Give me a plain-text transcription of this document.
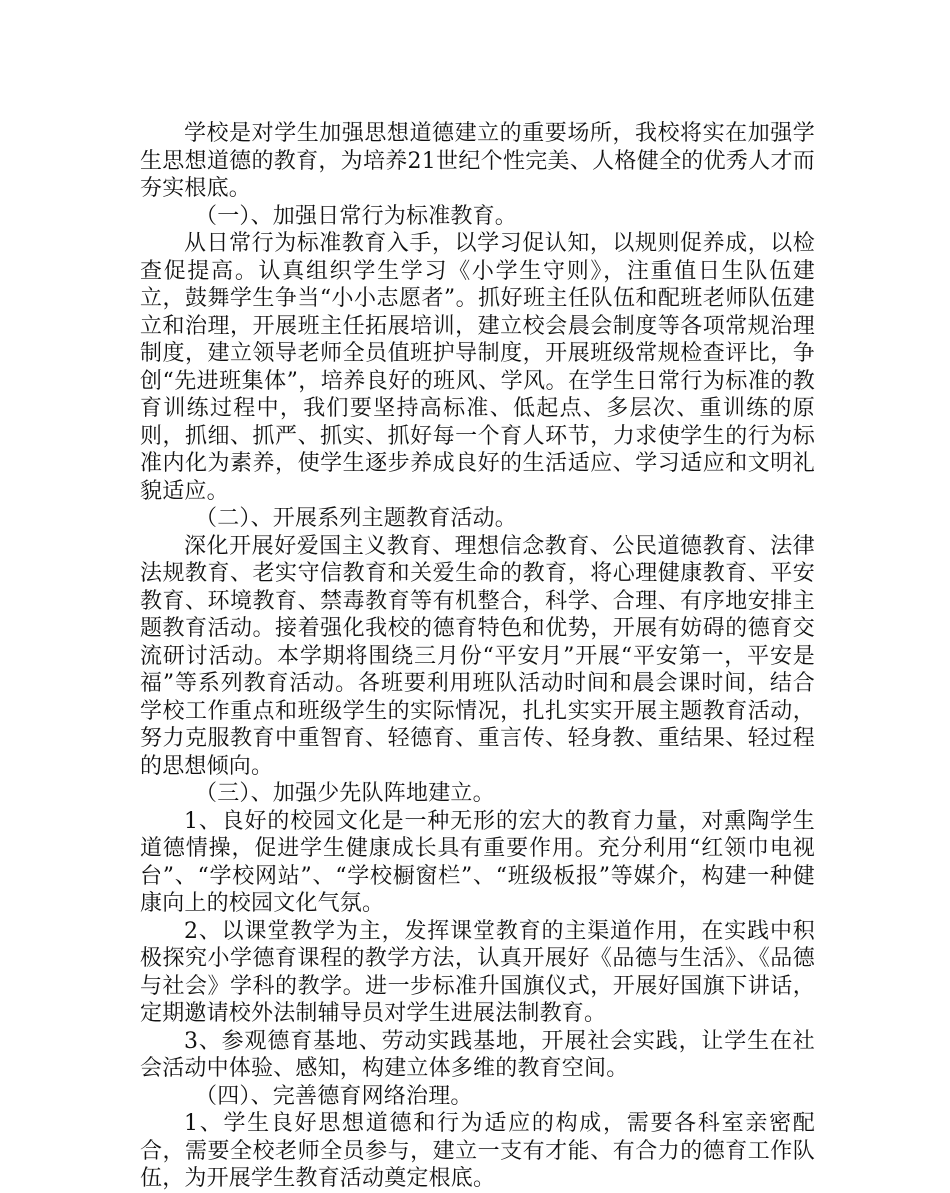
学校是对学生加强思想道德建立的重要场所，我校将实在加强学生思想道德的教育，为培养21世纪个性完美、人格健全的优秀人才而夯实根底。

（一）、加强日常行为标准教育。

从日常行为标准教育入手，以学习促认知，以规则促养成，以检查促提高。认真组织学生学习《小学生守则》，注重值日生队伍建立，鼓舞学生争当“小小志愿者”。抓好班主任队伍和配班老师队伍建立和治理，开展班主任拓展培训，建立校会晨会制度等各项常规治理制度，建立领导老师全员值班护导制度，开展班级常规检查评比，争创“先进班集体”，培养良好的班风、学风。在学生日常行为标准的教育训练过程中，我们要坚持高标准、低起点、多层次、重训练的原则，抓细、抓严、抓实、抓好每一个育人环节，力求使学生的行为标准内化为素养，使学生逐步养成良好的生活适应、学习适应和文明礼貌适应。

（二）、开展系列主题教育活动。

深化开展好爱国主义教育、理想信念教育、公民道德教育、法律法规教育、老实守信教育和关爱生命的教育，将心理健康教育、平安教育、环境教育、禁毒教育等有机整合，科学、合理、有序地安排主题教育活动。接着强化我校的德育特色和优势，开展有妨碍的德育交流研讨活动。本学期将围绕三月份“平安月”开展“平安第一，平安是福”等系列教育活动。各班要利用班队活动时间和晨会课时间，结合学校工作重点和班级学生的实际情况，扎扎实实开展主题教育活动，努力克服教育中重智育、轻德育、重言传、轻身教、重结果、轻过程的思想倾向。

（三）、加强少先队阵地建立。

1、良好的校园文化是一种无形的宏大的教育力量，对熏陶学生道德情操，促进学生健康成长具有重要作用。充分利用“红领巾电视台”、“学校网站”、“学校橱窗栏”、“班级板报”等媒介，构建一种健康向上的校园文化气氛。

2、以课堂教学为主，发挥课堂教育的主渠道作用，在实践中积极探究小学德育课程的教学方法，认真开展好《品德与生活》、《品德与社会》学科的教学。进一步标准升国旗仪式，开展好国旗下讲话，定期邀请校外法制辅导员对学生进展法制教育。

3、参观德育基地、劳动实践基地，开展社会实践，让学生在社会活动中体验、感知，构建立体多维的教育空间。

（四）、完善德育网络治理。

1、学生良好思想道德和行为适应的构成，需要各科室亲密配合，需要全校老师全员参与，建立一支有才能、有合力的德育工作队伍，为开展学生教育活动奠定根底。
